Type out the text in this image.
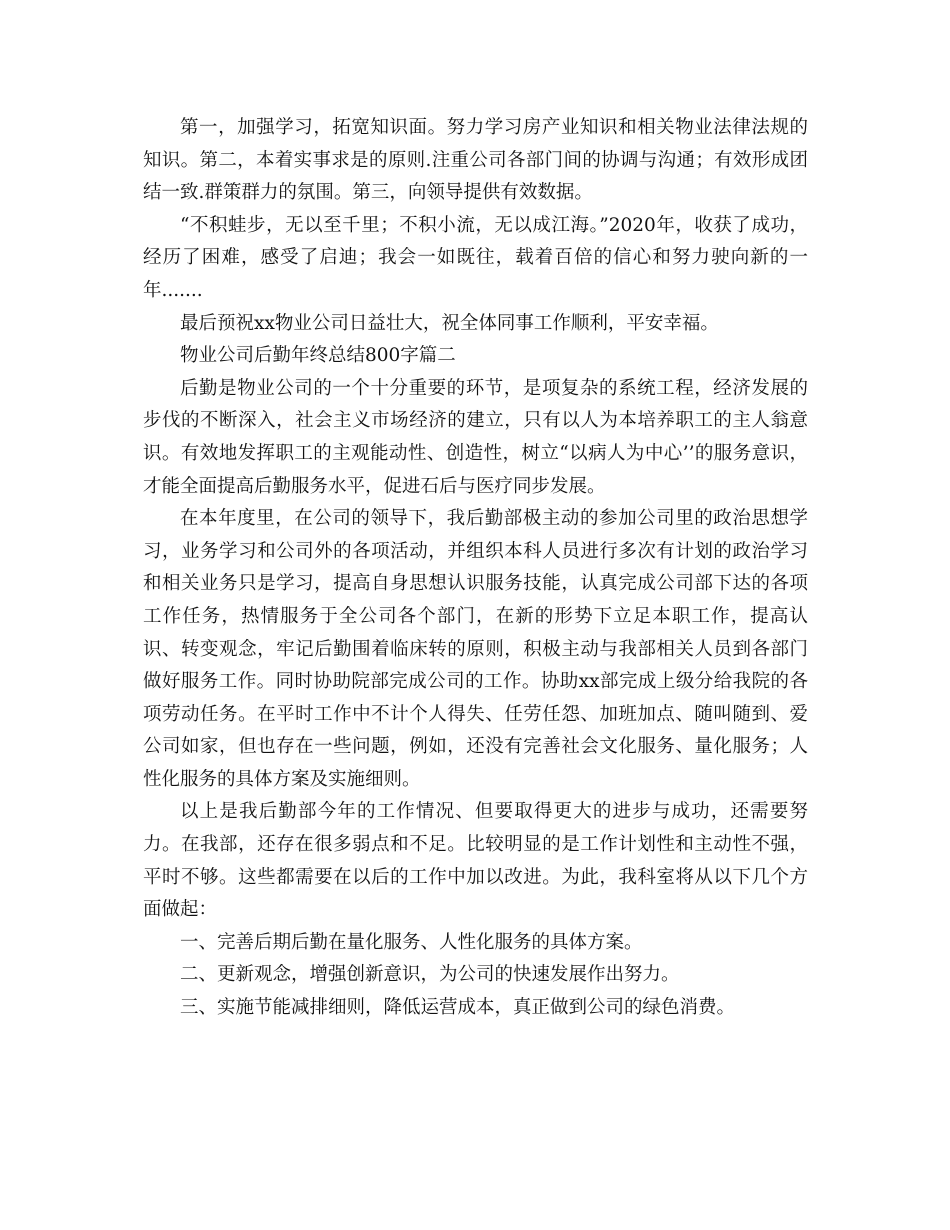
第一，加强学习，拓宽知识面。努力学习房产业知识和相关物业法律法规的知识。第二，本着实事求是的原则.注重公司各部门间的协调与沟通；有效形成团结一致.群策群力的氛围。第三，向领导提供有效数据。

“不积蛙步，无以至千里；不积小流，无以成江海。”2020年，收获了成功，经历了困难，感受了启迪；我会一如既往，载着百倍的信心和努力驶向新的一年.......

最后预祝xx物业公司日益壮大，祝全体同事工作顺利，平安幸福。

物业公司后勤年终总结800字篇二

后勤是物业公司的一个十分重要的环节，是项复杂的系统工程，经济发展的步伐的不断深入，社会主义市场经济的建立，只有以人为本培养职工的主人翁意识。有效地发挥职工的主观能动性、创造性，树立“以病人为中心’’的服务意识，才能全面提高后勤服务水平，促进石后与医疗同步发展。

在本年度里，在公司的领导下，我后勤部极主动的参加公司里的政治思想学习，业务学习和公司外的各项活动，并组织本科人员进行多次有计划的政治学习和相关业务只是学习，提高自身思想认识服务技能，认真完成公司部下达的各项工作任务，热情服务于全公司各个部门，在新的形势下立足本职工作，提高认识、转变观念，牢记后勤围着临床转的原则，积极主动与我部相关人员到各部门做好服务工作。同时协助院部完成公司的工作。协助xx部完成上级分给我院的各项劳动任务。在平时工作中不计个人得失、任劳任怨、加班加点、随叫随到、爱公司如家，但也存在一些问题，例如，还没有完善社会文化服务、量化服务；人性化服务的具体方案及实施细则。

以上是我后勤部今年的工作情况、但要取得更大的进步与成功，还需要努力。在我部，还存在很多弱点和不足。比较明显的是工作计划性和主动性不强，平时不够。这些都需要在以后的工作中加以改进。为此，我科室将从以下几个方面做起：

一、完善后期后勤在量化服务、人性化服务的具体方案。

二、更新观念，增强创新意识，为公司的快速发展作出努力。

三、实施节能减排细则，降低运营成本，真正做到公司的绿色消费。
